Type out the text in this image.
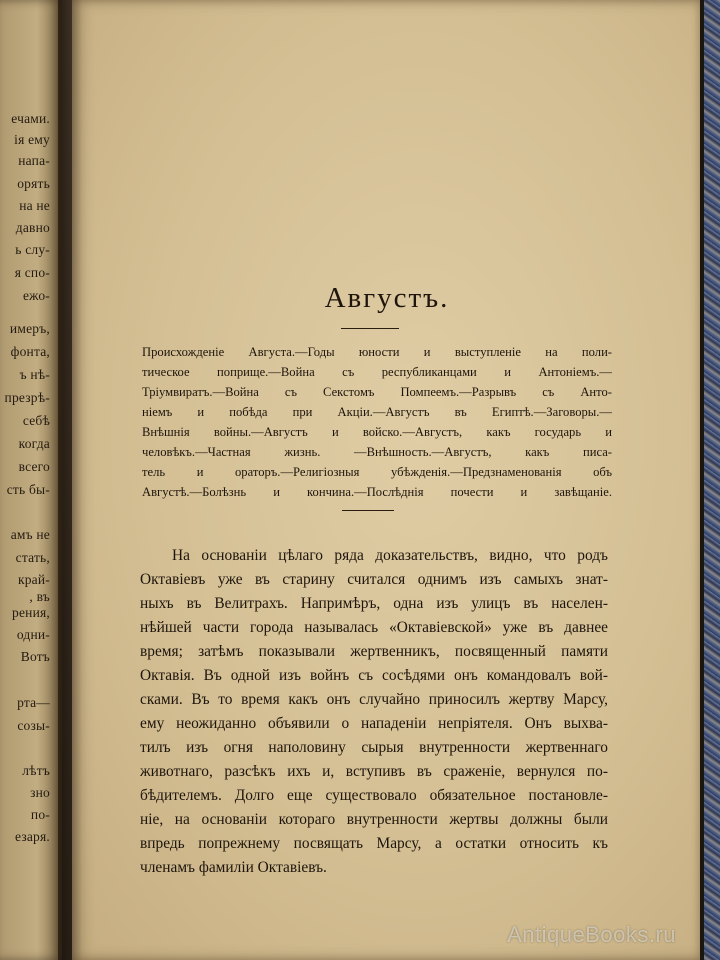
ечами.

ія ему

напа-

орять

на не

давно

ь слу-

я спо-

ежо-

имеръ,

фонта,

ъ нѣ-

презрѣ-

себѣ

когда

всего

сть бы-

амъ не

стать,

край-

, въ

рения,

одни-

Вотъ

рта—

созы-

лѣтъ

зно

по-

езаря.

Августъ.

Происхожденіе Августа.—Годы юности и выступленіе на поли-

тическое поприще.—Война съ республиканцами и Антоніемъ.—

Тріумвиратъ.—Война съ Секстомъ Помпеемъ.—Разрывъ съ Анто-

ніемъ и побѣда при Акціи.—Августъ въ Египтѣ.—Заговоры.—

Внѣшнія войны.—Августъ и войско.—Августъ, какъ государь и

человѣкъ.—Частная жизнь. —Внѣшность.—Августъ, какъ писа-

тель и ораторъ.—Религіозныя убѣжденія.—Предзнаменованія объ

Августѣ.—Болѣзнь и кончина.—Послѣднія почести и завѣщаніе.

На основаніи цѣлаго ряда доказательствъ, видно, что родъ

Октавіевъ уже въ старину считался однимъ изъ самыхъ знат-

ныхъ въ Велитрахъ. Напримѣръ, одна изъ улицъ въ населен-

нѣйшей части города называлась «Октавіевской» уже въ давнее

время; затѣмъ показывали жертвенникъ, посвященный памяти

Октавія. Въ одной изъ войнъ съ сосѣдями онъ командовалъ вой-

сками. Въ то время какъ онъ случайно приносилъ жертву Марсу,

ему неожиданно объявили о нападеніи непріятеля. Онъ выхва-

тилъ изъ огня наполовину сырыя внутренности жертвеннаго

животнаго, разсѣкъ ихъ и, вступивъ въ сраженіе, вернулся по-

бѣдителемъ. Долго еще существовало обязательное постановле-

ніе, на основаніи котораго внутренности жертвы должны были

впредь попрежнему посвящать Марсу, а остатки относить къ

членамъ фамиліи Октавіевъ.

AntiqueBooks.ru
